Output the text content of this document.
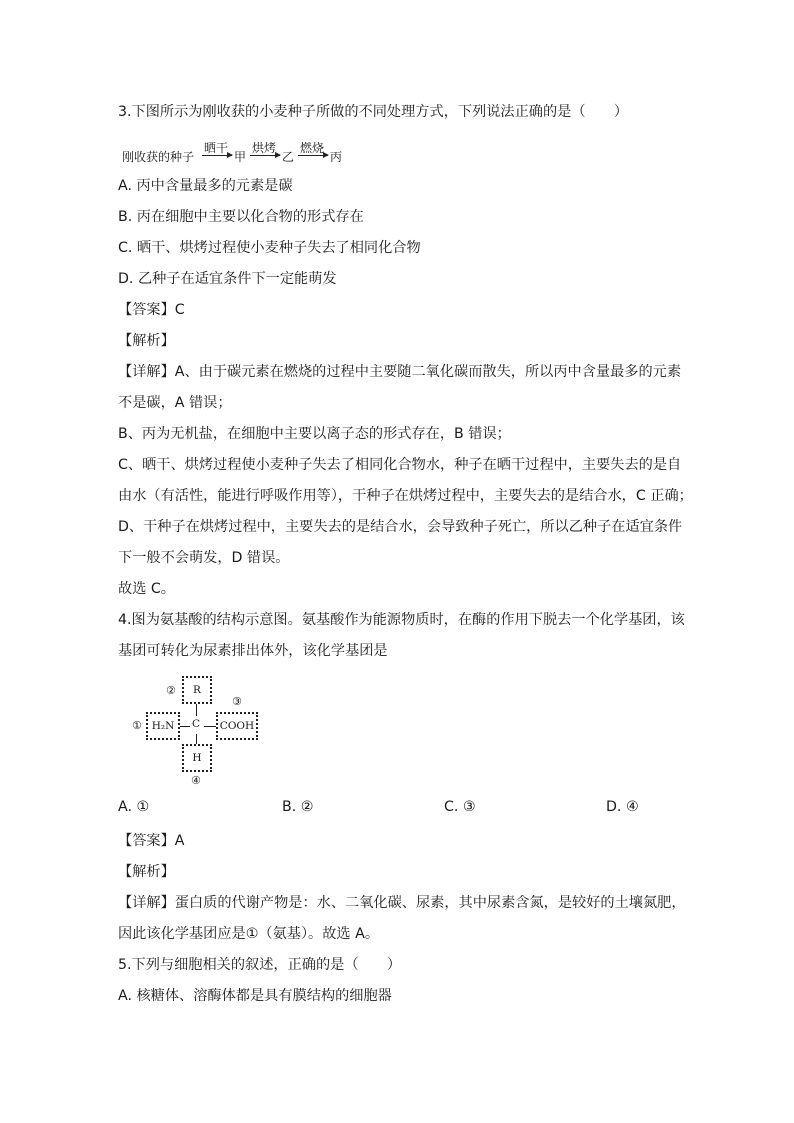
3.下图所示为刚收获的小麦种子所做的不同处理方式，下列说法正确的是（　　）
刚收获的种子
晒干
甲
烘烤
乙
燃烧
丙
A. 丙中含量最多的元素是碳
B. 丙在细胞中主要以化合物的形式存在
C. 晒干、烘烤过程使小麦种子失去了相同化合物
D. 乙种子在适宜条件下一定能萌发
【答案】C
【解析】
【详解】A、由于碳元素在燃烧的过程中主要随二氧化碳而散失，所以丙中含量最多的元素
不是碳，A 错误；
B、丙为无机盐，在细胞中主要以离子态的形式存在，B 错误；
C、晒干、烘烤过程使小麦种子失去了相同化合物水，种子在晒干过程中，主要失去的是自
由水（有活性，能进行呼吸作用等），干种子在烘烤过程中，主要失去的是结合水，C 正确；
D、干种子在烘烤过程中，主要失去的是结合水，会导致种子死亡，所以乙种子在适宜条件
下一般不会萌发，D 错误。
故选 C。
4.图为氨基酸的结构示意图。氨基酸作为能源物质时，在酶的作用下脱去一个化学基团，该
基团可转化为尿素排出体外，该化学基团是
② R
③
① H₂N C COOH
H
④
A. ①	B. ②	C. ③	D. ④
【答案】A
【解析】
【详解】蛋白质的代谢产物是：水、二氧化碳、尿素，其中尿素含氮，是较好的土壤氮肥，
因此该化学基团应是①（氨基）。故选 A。
5.下列与细胞相关的叙述，正确的是（　　）
A. 核糖体、溶酶体都是具有膜结构的细胞器
